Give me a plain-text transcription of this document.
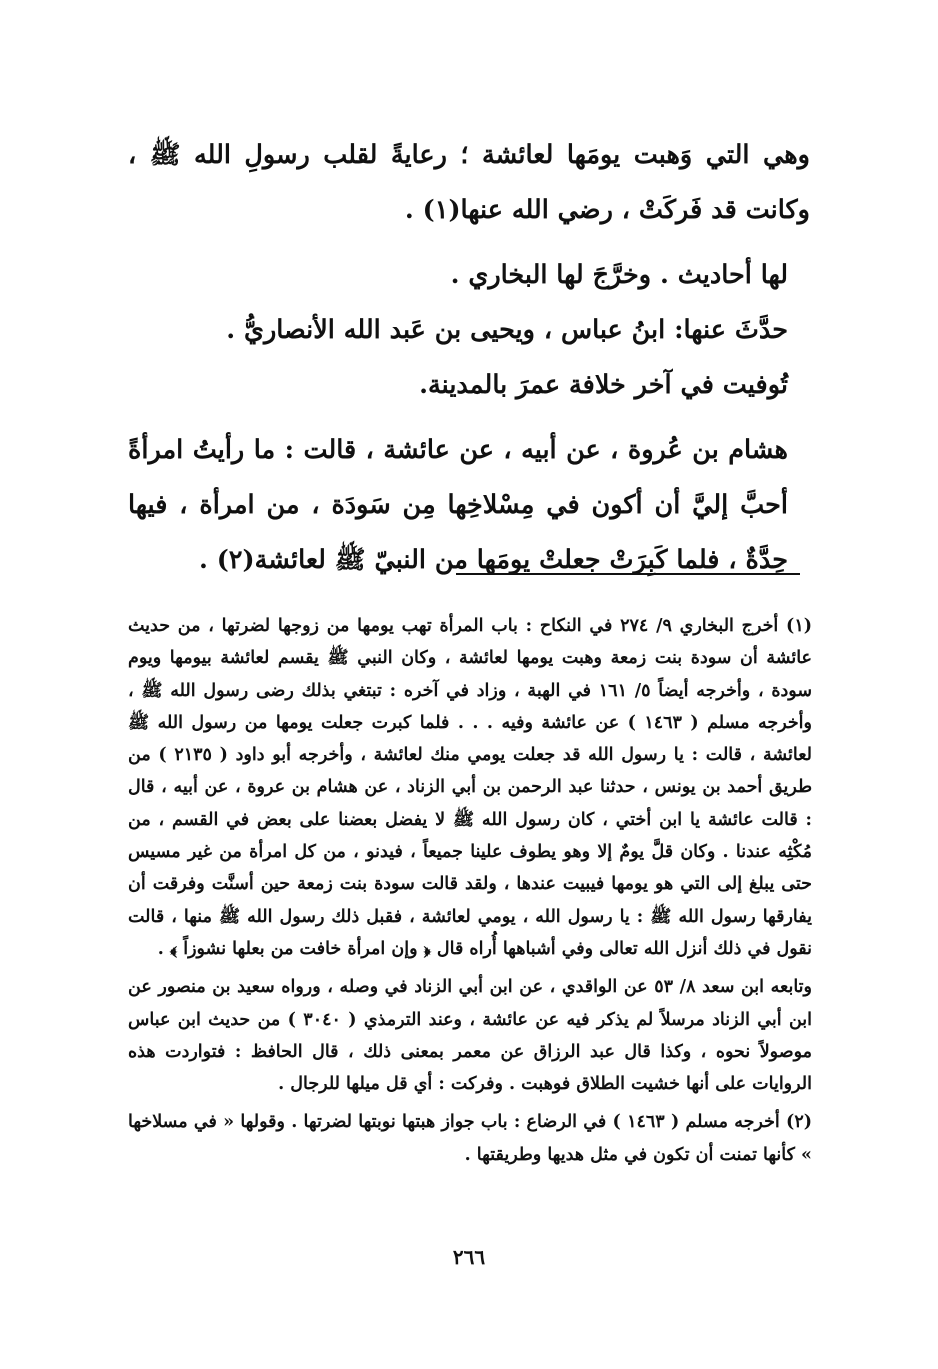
وهي التي وَهبت يومَها لعائشة ؛ رعايةً لقلب رسولِ الله ﷺ ، وكانت قد فَركَتْ ، رضي الله عنها(١) .

لها أحاديث . وخرَّجَ لها البخاري .

حدَّثَ عنها: ابنُ عباس ، ويحيى بن عَبد الله الأنصاريُّ .

تُوفيت في آخر خلافة عمرَ بالمدينة.

هشام بن عُروة ، عن أبيه ، عن عائشة ، قالت : ما رأيتُ امرأةً أحبَّ إليَّ أن أكون في مِسْلاخِها مِن سَودَة ، من امرأة ، فيها حِدَّةٌ ، فلما كَبِرَتْ جعلتْ يومَها من النبيّ ﷺ لعائشة(٢) .

(١) أخرج البخاري ٩/ ٢٧٤ في النكاح : باب المرأة تهب يومها من زوجها لضرتها ، من حديث عائشة أن سودة بنت زمعة وهبت يومها لعائشة ، وكان النبي ﷺ يقسم لعائشة بيومها ويوم سودة ، وأخرجه أيضاً ٥/ ١٦١ في الهبة ، وزاد في آخره : تبتغي بذلك رضى رسول الله ﷺ ، وأخرجه مسلم ( ١٤٦٣ ) عن عائشة وفيه . . . فلما كبرت جعلت يومها من رسول الله ﷺ لعائشة ، قالت : يا رسول الله قد جعلت يومي منك لعائشة ، وأخرجه أبو داود ( ٢١٣٥ ) من طريق أحمد بن يونس ، حدثنا عبد الرحمن بن أبي الزناد ، عن هشام بن عروة ، عن أبيه ، قال : قالت عائشة يا ابن أختي ، كان رسول الله ﷺ لا يفضل بعضنا على بعض في القسم ، من مُكْثِه عندنا . وكان قلَّ يومٌ إلا وهو يطوف علينا جميعاً ، فيدنو ، من كل امرأة من غير مسيس حتى يبلغ إلى التي هو يومها فيبيت عندها ، ولقد قالت سودة بنت زمعة حين أسنَّت وفرقت أن يفارقها رسول الله ﷺ : يا رسول الله ، يومي لعائشة ، فقبل ذلك رسول الله ﷺ منها ، قالت نقول في ذلك أنزل الله تعالى وفي أشباهها أُراه قال ﴿ وإن امرأة خافت من بعلها نشوزاً ﴾ .

وتابعه ابن سعد ٨/ ٥٣ عن الواقدي ، عن ابن أبي الزناد في وصله ، ورواه سعيد بن منصور عن ابن أبي الزناد مرسلاً لم يذكر فيه عن عائشة ، وعند الترمذي ( ٣٠٤٠ ) من حديث ابن عباس موصولاً نحوه ، وكذا قال عبد الرزاق عن معمر بمعنى ذلك ، قال الحافظ : فتواردت هذه الروايات على أنها خشيت الطلاق فوهبت . وفركت : أي قل ميلها للرجال .

(٢) أخرجه مسلم ( ١٤٦٣ ) في الرضاع : باب جواز هبتها نوبتها لضرتها . وقولها « في مسلاخها » كأنها تمنت أن تكون في مثل هديها وطريقتها .

٢٦٦
